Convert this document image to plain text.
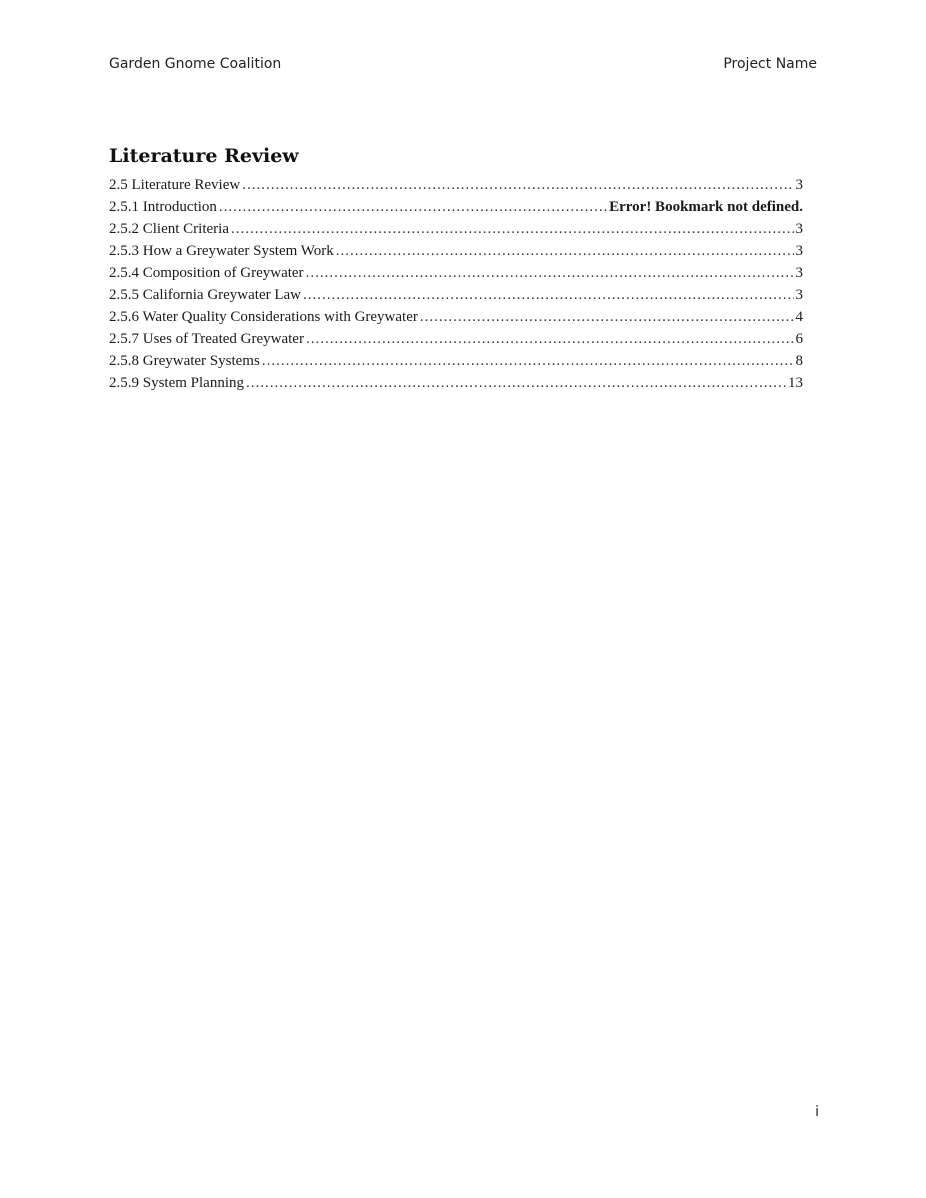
Garden Gnome Coalition	Project Name
Literature Review
2.5 Literature Review .....	3
2.5.1 Introduction .....	Error! Bookmark not defined.
2.5.2 Client Criteria .....	3
2.5.3 How a Greywater System Work .....	3
2.5.4 Composition of Greywater .....	3
2.5.5 California Greywater Law .....	3
2.5.6 Water Quality Considerations with Greywater .....	4
2.5.7 Uses of Treated Greywater .....	6
2.5.8 Greywater Systems .....	8
2.5.9 System Planning .....	13
i
